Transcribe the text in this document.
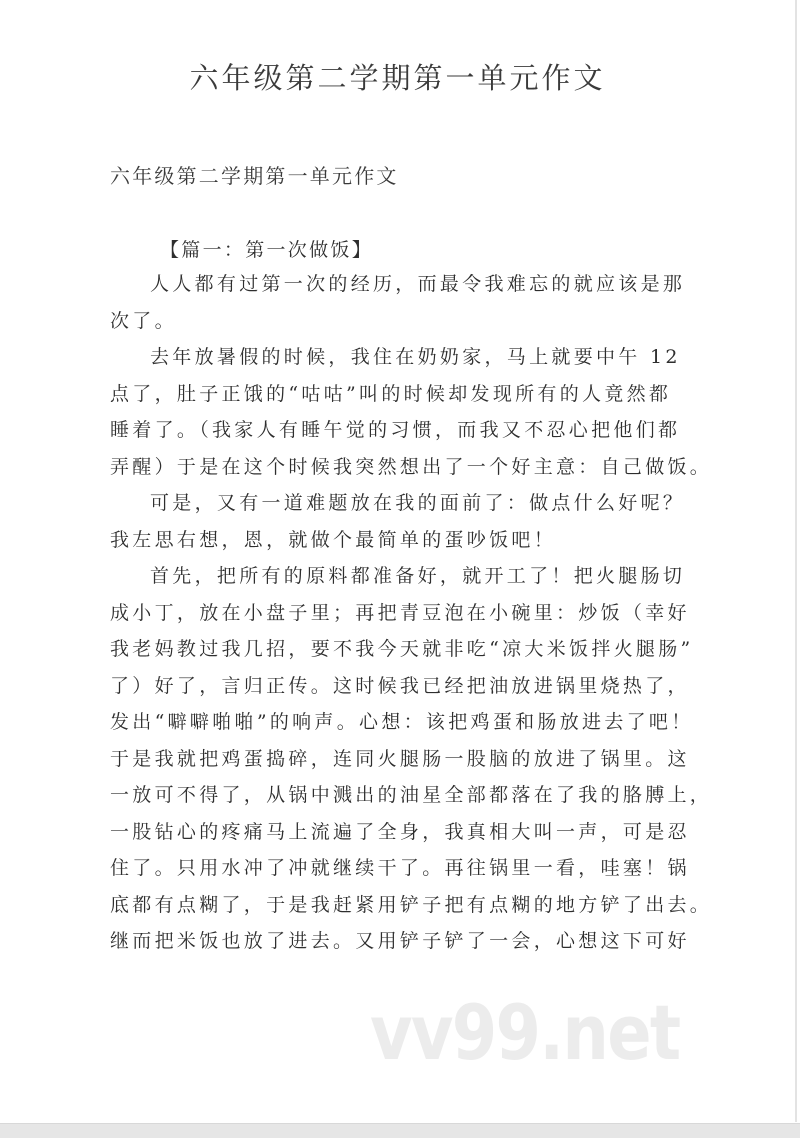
六年级第二学期第一单元作文

六年级第二学期第一单元作文

【篇一：第一次做饭】

人人都有过第一次的经历，而最令我难忘的就应该是那
次了。
去年放暑假的时候，我住在奶奶家，马上就要中午 12
点了，肚子正饿的“咕咕”叫的时候却发现所有的人竟然都
睡着了。（我家人有睡午觉的习惯，而我又不忍心把他们都
弄醒）于是在这个时候我突然想出了一个好主意：自己做饭。
可是，又有一道难题放在我的面前了：做点什么好呢？
我左思右想，恩，就做个最简单的蛋吵饭吧！
首先，把所有的原料都准备好，就开工了！把火腿肠切
成小丁，放在小盘子里；再把青豆泡在小碗里：炒饭（幸好
我老妈教过我几招，要不我今天就非吃“凉大米饭拌火腿肠”
了）好了，言归正传。这时候我已经把油放进锅里烧热了，
发出“噼噼啪啪”的响声。心想：该把鸡蛋和肠放进去了吧！
于是我就把鸡蛋捣碎，连同火腿肠一股脑的放进了锅里。这
一放可不得了，从锅中溅出的油星全部都落在了我的胳膊上，
一股钻心的疼痛马上流遍了全身，我真相大叫一声，可是忍
住了。只用水冲了冲就继续干了。再往锅里一看，哇塞！锅
底都有点糊了，于是我赶紧用铲子把有点糊的地方铲了出去。
继而把米饭也放了进去。又用铲子铲了一会，心想这下可好
vv99.net
